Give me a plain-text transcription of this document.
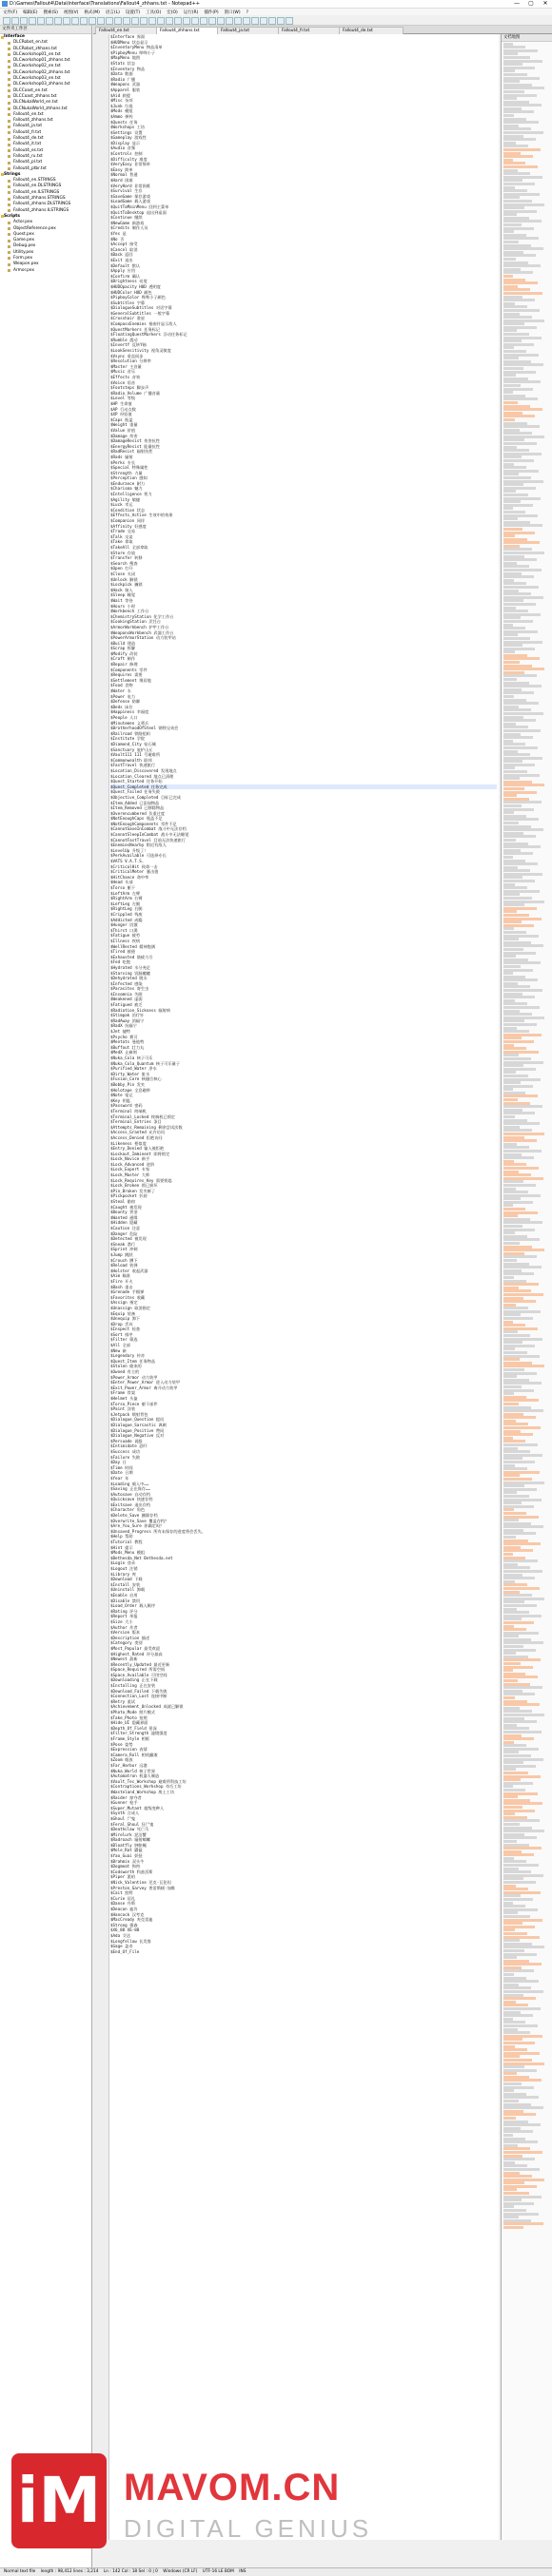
D:\Games\Fallout4\Data\Interface\Translations\Fallout4_zhhans.txt - Notepad++	—	▢	✕
文件(F) 编辑(E) 搜索(S) 视图(V) 格式(M) 语言(L) 设置(T) 工具(O) 宏(O) 运行(R) 插件(P) 窗口(W) ?
文件夹工作区
Interface
DLCRobot_en.txt
DLCRobot_zhhans.txt
DLCworkshop01_en.txt
DLCworkshop01_zhhans.txt
DLCworkshop02_en.txt
DLCworkshop02_zhhans.txt
DLCworkshop03_en.txt
DLCworkshop03_zhhans.txt
DLCCoast_en.txt
DLCCoast_zhhans.txt
DLCNukaWorld_en.txt
DLCNukaWorld_zhhans.txt
Fallout4_en.txt
Fallout4_zhhans.txt
Fallout4_ja.txt
Fallout4_fr.txt
Fallout4_de.txt
Fallout4_it.txt
Fallout4_es.txt
Fallout4_ru.txt
Fallout4_pl.txt
Fallout4_ptbr.txt
Strings
Fallout4_en.STRINGS
Fallout4_en.DLSTRINGS
Fallout4_en.ILSTRINGS
Fallout4_zhhans.STRINGS
Fallout4_zhhans.DLSTRINGS
Fallout4_zhhans.ILSTRINGS
Scripts
Actor.pex
ObjectReference.pex
Quest.pex
Game.pex
Debug.pex
Utility.pex
Form.pex
Weapon.pex
Armor.pex
Fallout4_en.txt	Fallout4_zhhans.txt	Fallout4_ja.txt	Fallout4_fr.txt	Fallout4_de.txt
$Interface 界面
$HUDMenu 状态显示
$InventoryMenu 物品清单
$PipboyMenu 哔哔小子
$MapMenu 地图
$Stats 状态
$Inventory 物品
$Data 数据
$Radio 广播
$Weapons 武器
$Apparel 服装
$Aid 救援
$Misc 杂项
$Junk 垃圾
$Mods 模组
$Ammo 弹药
$Quests 任务
$Workshops 工坊
$Settings 设置
$Gameplay 游戏性
$Display 显示
$Audio 音频
$Controls 控制
$Difficulty 难度
$VeryEasy 非常简单
$Easy 简单
$Normal 普通
$Hard 困难
$VeryHard 非常困难
$Survival 生存
$SaveGame 保存游戏
$LoadGame 载入游戏
$QuitToMainMenu 回到主菜单
$QuitToDesktop 退出到桌面
$Continue 继续
$NewGame 新游戏
$Credits 制作人员
$Yes 是
$No 否
$Accept 接受
$Cancel 取消
$Back 返回
$Exit 退出
$Default 默认
$Apply 应用
$Confirm 确认
$Brightness 亮度
$HUDOpacity HUD 透明度
$HUDColor HUD 颜色
$PipboyColor 哔哔小子颜色
$Subtitles 字幕
$DialogueSubtitles 对话字幕
$GeneralSubtitles 一般字幕
$Crosshair 准星
$CompassEnemies 指南针显示敌人
$QuestMarkers 任务标记
$FloatingQuestMarkers 浮动任务标记
$Rumble 震动
$InvertY 反转Y轴
$LookSensitivity 视角灵敏度
$Vsync 垂直同步
$Resolution 分辨率
$Master 主音量
$Music 音乐
$Effects 音效
$Voice 语音
$Footsteps 脚步声
$Radio_Volume 广播音量
$Level 等级
$HP 生命值
$AP 行动点数
$XP 经验值
$Caps 瓶盖
$Weight 重量
$Value 价值
$Damage 伤害
$DamageResist 伤害抗性
$EnergyResist 能量抗性
$RadResist 辐射抗性
$Rads 辐射
$Perks 专长
$Special 特殊属性
$Strength 力量
$Perception 感知
$Endurance 耐力
$Charisma 魅力
$Intelligence 智力
$Agility 敏捷
$Luck 幸运
$Condition 状态
$Effects_Active 生效中的效果
$Companion 同伴
$Affinity 好感度
$Trade 交易
$Talk 交谈
$Take 拿取
$TakeAll 全部拿取
$Store 存放
$Transfer 转移
$Search 搜查
$Open 打开
$Close 关闭
$Unlock 解锁
$Lockpick 撬锁
$Hack 骇入
$Sleep 睡觉
$Wait 等待
$Hours 小时
$Workbench 工作台
$ChemistryStation 化学工作台
$CookingStation 烹饪台
$ArmorWorkbench 护甲工作台
$WeaponsWorkbench 武器工作台
$PowerArmorStation 动力装甲站
$Build 建造
$Scrap 拆解
$Modify 改装
$Craft 制作
$Repair 修理
$Components 零件
$Requires 需要
$Settlement 聚居地
$Food 食物
$Water 水
$Power 电力
$Defense 防御
$Beds 床位
$Happiness 幸福度
$People 人口
$Minutemen 义勇兵
$BrotherhoodOfSteel 钢铁兄弟会
$Railroad 铁路组织
$Institute 学院
$Diamond_City 钻石城
$Sanctuary 庇护山丘
$Vault111 111 号避难所
$Commonwealth 联邦
$FastTravel 快速旅行
$Location_Discovered 发现地点
$Location_Cleared 地点已清理
$Quest_Started 任务开始
$Quest_Completed 任务完成
$Quest_Failed 任务失败
$Objective_Completed 目标已完成
$Item_Added 已添加物品
$Item_Removed 已移除物品
$Overencumbered 负重过度
$NotEnoughCaps 瓶盖不足
$NotEnoughComponents 零件不足
$CannotSaveInCombat 战斗中无法存档
$CannotSleepInCombat 战斗中无法睡觉
$CannotFastTravel 目前无法快速旅行
$EnemiesNearby 附近有敌人
$LevelUp 升级了！
$PerkAvailable 可选择专长
$VATS V.A.T.S.
$CriticalHit 致命一击
$CriticalMeter 暴击值
$HitChance 命中率
$Head 头部
$Torso 躯干
$LeftArm 左臂
$RightArm 右臂
$LeftLeg 左腿
$RightLeg 右腿
$Crippled 残废
$Addicted 成瘾
$Hunger 饥饿
$Thirst 口渴
$Fatigue 疲劳
$Illness 疾病
$WellRested 精神饱满
$Tired 疲倦
$Exhausted 筋疲力尽
$Fed 吃饱
$Hydrated 水分充足
$Starving 饥肠辘辘
$Dehydrated 脱水
$Infected 感染
$Parasites 寄生虫
$Insomnia 失眠
$Weakened 虚弱
$Fatigued 疲乏
$Radiation_Sickness 辐射病
$Stimpak 治疗针
$RadAway 消辐宁
$RadX 抗辐宁
$Jet 捷特
$Psycho 赛可
$Mentats 曼他特
$Buffout 壮力丸
$MedX 止痛剂
$Nuka_Cola 核子可乐
$Nuka_Cola_Quantum 核子可乐量子
$Purified_Water 净水
$Dirty_Water 脏水
$Fusion_Core 核融合核心
$Bobby_Pin 发夹
$Holotape 全息磁带
$Note 笔记
$Key 钥匙
$Password 密码
$Terminal 终端机
$Terminal_Locked 终端机已锁定
$Terminal_Entries 条目
$Attempts_Remaining 剩余尝试次数
$Access_Granted 允许访问
$Access_Denied 拒绝访问
$Likeness 相似度
$Entry_Denied 输入被拒绝
$Lockout_Imminent 即将锁定
$Lock_Novice 新手
$Lock_Advanced 进阶
$Lock_Expert 专家
$Lock_Master 大师
$Lock_Requires_Key 需要钥匙
$Lock_Broken 锁已损坏
$Pin_Broken 发夹断了
$Pickpocket 扒窃
$Steal 偷窃
$Caught 被发现
$Bounty 赏金
$Wanted 通缉
$Hidden 隐藏
$Caution 注意
$Danger 危险
$Detected 被发现
$Sneak 潜行
$Sprint 冲刺
$Jump 跳跃
$Crouch 蹲下
$Reload 装弹
$Holster 收起武器
$Aim 瞄准
$Fire 开火
$Bash 重击
$Grenade 手榴弹
$Favorites 收藏
$Assign 指定
$Unassign 取消指定
$Equip 装备
$Unequip 卸下
$Drop 丢弃
$Inspect 检查
$Sort 排序
$Filter 筛选
$All 全部
$New 新
$Legendary 传奇
$Quest_Item 任务物品
$Stolen 偷来的
$Owned 有主的
$Power_Armor 动力装甲
$Enter_Power_Armor 进入动力装甲
$Exit_Power_Armor 离开动力装甲
$Frame 骨架
$Helmet 头盔
$Torso_Piece 躯干部件
$Paint 涂装
$Jetpack 喷射背包
$Dialogue_Question 提问
$Dialogue_Sarcastic 讽刺
$Dialogue_Positive 赞同
$Dialogue_Negative 反对
$Persuade 说服
$Intimidate 恐吓
$Success 成功
$Failure 失败
$Day 日
$Time 时间
$Date 日期
$Year 年
$Loading 载入中……
$Saving 正在保存……
$Autosave 自动存档
$Quicksave 快速存档
$Exitsave 退出存档
$Character 角色
$Delete_Save 删除存档
$Overwrite_Save 覆盖存档？
$Are_You_Sure 你确定吗？
$Unsaved_Progress 所有未保存的进度将会丢失。
$Help 帮助
$Tutorial 教程
$Hint 提示
$Mods_Menu 模组
$Bethesda_Net Bethesda.net
$Login 登录
$Logout 注销
$Library 库
$Download 下载
$Install 安装
$Uninstall 卸载
$Enable 启用
$Disable 禁用
$Load_Order 载入顺序
$Rating 评分
$Report 举报
$Size 大小
$Author 作者
$Version 版本
$Description 描述
$Category 类别
$Most_Popular 最受欢迎
$Highest_Rated 评分最高
$Newest 最新
$Recently_Updated 最近更新
$Space_Required 所需空间
$Space_Available 可用空间
$Downloading 正在下载
$Installing 正在安装
$Download_Failed 下载失败
$Connection_Lost 连接中断
$Retry 重试
$Achievement_Unlocked 成就已解锁
$Photo_Mode 照片模式
$Take_Photo 拍照
$Hide_UI 隐藏界面
$Depth_Of_Field 景深
$Filter_Strength 滤镜强度
$Frame_Style 相框
$Pose 姿势
$Expression 表情
$Camera_Roll 相机翻滚
$Zoom 缩放
$Far_Harbor 远港
$Nuka_World 核子世界
$Automatron 机器人制造
$Vault_Tec_Workshop 避难所科技工坊
$Contraptions_Workshop 奇巧工坊
$Wasteland_Workshop 废土工坊
$Raider 掠夺者
$Gunner 枪手
$Super_Mutant 超级变种人
$Synth 合成人
$Ghoul 尸鬼
$Feral_Ghoul 狂尸鬼
$Deathclaw 死亡爪
$Mirelurk 泥沼蟹
$Radroach 辐射蟑螂
$Bloatfly 肿胀蝇
$Mole_Rat 鼹鼠
$Yao_Guai 妖怪
$Brahmin 双头牛
$Dogmeat 狗肉
$Codsworth 科兹沃斯
$Piper 派珀
$Nick_Valentine 尼克·瓦伦坦
$Preston_Garvey 普雷斯顿·加维
$Cait 凯特
$Curie 居礼
$Danse 丹斯
$Deacon 迪肯
$Hancock 汉考克
$MacCready 麦克雷迪
$Strong 强森
$X6_88 X6-88
$Ada 艾达
$Longfellow 长发鲁
$Gage 盖奇
$End_Of_File
文档地图
iM MAVOM.CN
DIGITAL GENIUS
Normal text file length : 98,412 lines : 3,214 Ln : 142 Col : 18 Sel : 0 | 0 Windows (CR LF) UTF-16 LE BOM INS
